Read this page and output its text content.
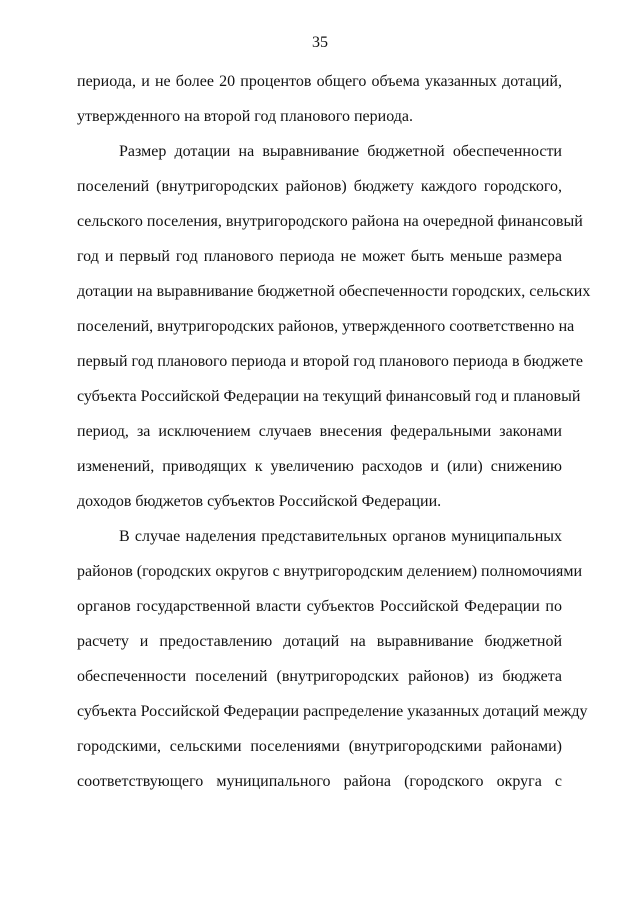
35
периода, и не более 20 процентов общего объема указанных дотаций,
утвержденного на второй год планового периода.
Размер дотации на выравнивание бюджетной обеспеченности
поселений (внутригородских районов) бюджету каждого городского,
сельского поселения, внутригородского района на очередной финансовый
год и первый год планового периода не может быть меньше размера
дотации на выравнивание бюджетной обеспеченности городских, сельских
поселений, внутригородских районов, утвержденного соответственно на
первый год планового периода и второй год планового периода в бюджете
субъекта Российской Федерации на текущий финансовый год и плановый
период, за исключением случаев внесения федеральными законами
изменений, приводящих к увеличению расходов и (или) снижению
доходов бюджетов субъектов Российской Федерации.
В случае наделения представительных органов муниципальных
районов (городских округов с внутригородским делением) полномочиями
органов государственной власти субъектов Российской Федерации по
расчету и предоставлению дотаций на выравнивание бюджетной
обеспеченности поселений (внутригородских районов) из бюджета
субъекта Российской Федерации распределение указанных дотаций между
городскими, сельскими поселениями (внутригородскими районами)
соответствующего муниципального района (городского округа с
